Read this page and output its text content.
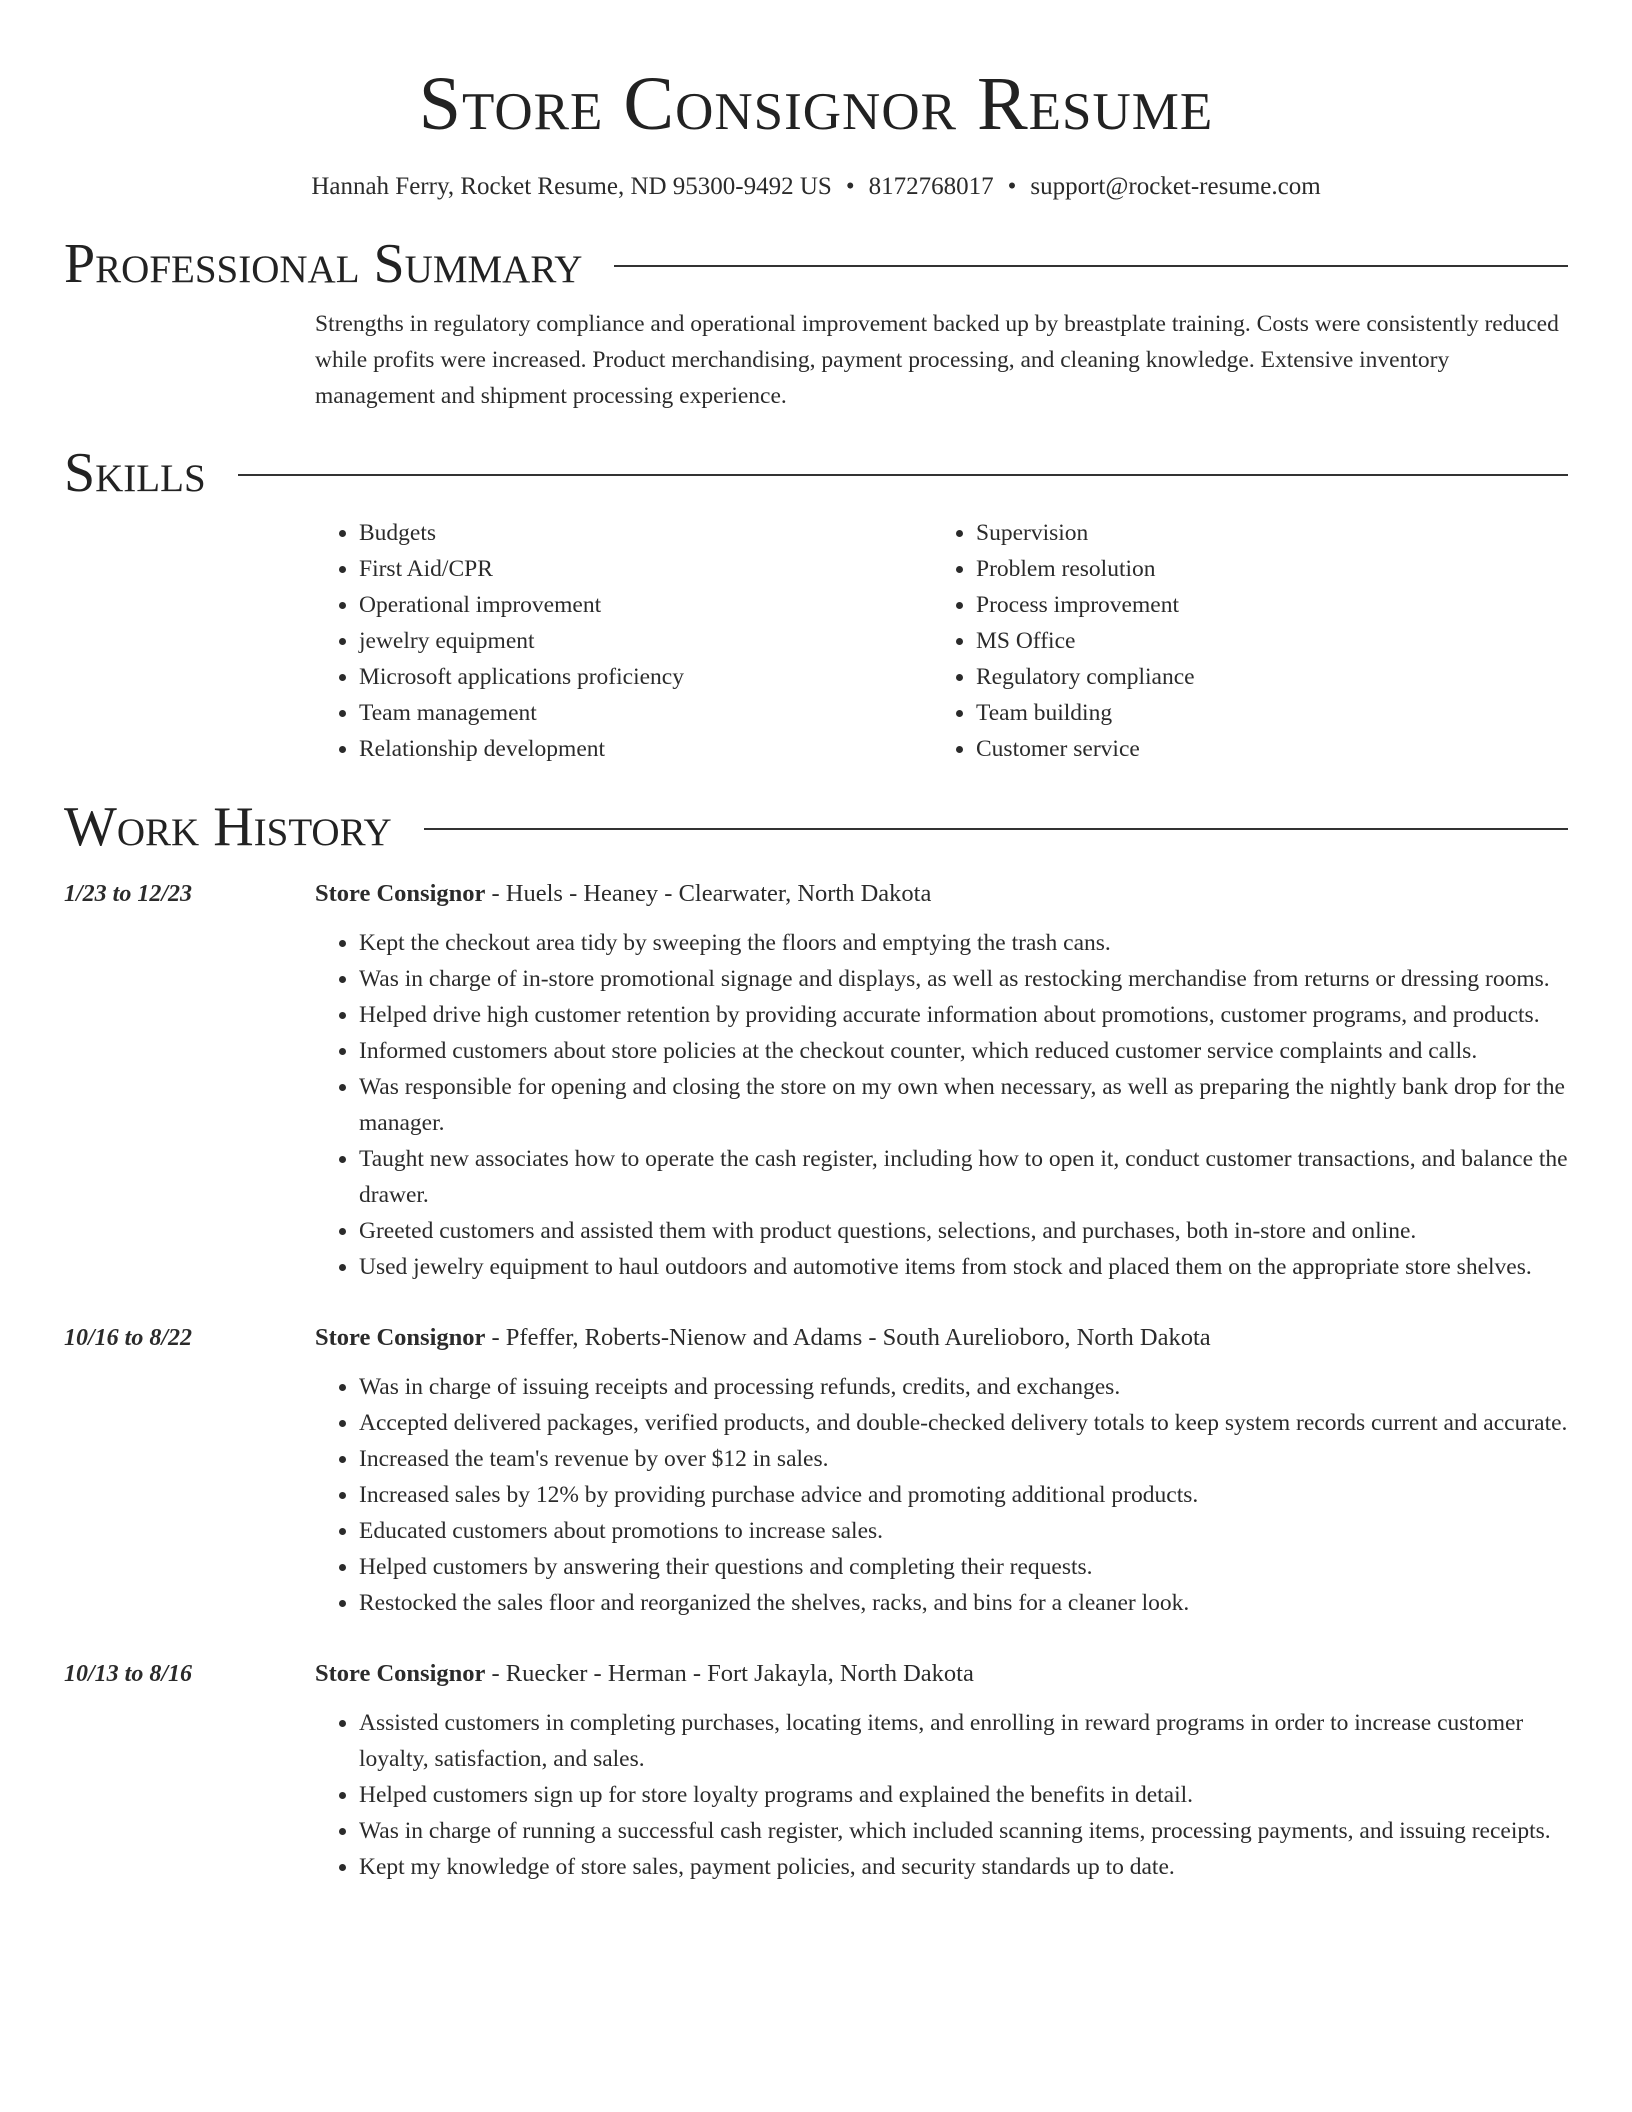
Store Consignor Resume
Hannah Ferry, Rocket Resume, ND 95300-9492 US • 8172768017 • support@rocket-resume.com
Professional Summary

Strengths in regulatory compliance and operational improvement backed up by breastplate training. Costs were consistently reduced while profits were increased. Product merchandising, payment processing, and cleaning knowledge. Extensive inventory management and shipment processing experience.

Skills
• Budgets
• First Aid/CPR
• Operational improvement
• jewelry equipment
• Microsoft applications proficiency
• Team management
• Relationship development
• Supervision
• Problem resolution
• Process improvement
• MS Office
• Regulatory compliance
• Team building
• Customer service
Work History
1/23 to 12/23	Store Consignor - Huels - Heaney - Clearwater, North Dakota
• Kept the checkout area tidy by sweeping the floors and emptying the trash cans.
• Was in charge of in-store promotional signage and displays, as well as restocking merchandise from returns or dressing rooms.
• Helped drive high customer retention by providing accurate information about promotions, customer programs, and products.
• Informed customers about store policies at the checkout counter, which reduced customer service complaints and calls.
• Was responsible for opening and closing the store on my own when necessary, as well as preparing the nightly bank drop for the manager.
• Taught new associates how to operate the cash register, including how to open it, conduct customer transactions, and balance the drawer.
• Greeted customers and assisted them with product questions, selections, and purchases, both in-store and online.
• Used jewelry equipment to haul outdoors and automotive items from stock and placed them on the appropriate store shelves.
10/16 to 8/22	Store Consignor - Pfeffer, Roberts-Nienow and Adams - South Aurelioboro, North Dakota
• Was in charge of issuing receipts and processing refunds, credits, and exchanges.
• Accepted delivered packages, verified products, and double-checked delivery totals to keep system records current and accurate.
• Increased the team's revenue by over $12 in sales.
• Increased sales by 12% by providing purchase advice and promoting additional products.
• Educated customers about promotions to increase sales.
• Helped customers by answering their questions and completing their requests.
• Restocked the sales floor and reorganized the shelves, racks, and bins for a cleaner look.
10/13 to 8/16	Store Consignor - Ruecker - Herman - Fort Jakayla, North Dakota
• Assisted customers in completing purchases, locating items, and enrolling in reward programs in order to increase customer loyalty, satisfaction, and sales.
• Helped customers sign up for store loyalty programs and explained the benefits in detail.
• Was in charge of running a successful cash register, which included scanning items, processing payments, and issuing receipts.
• Kept my knowledge of store sales, payment policies, and security standards up to date.
